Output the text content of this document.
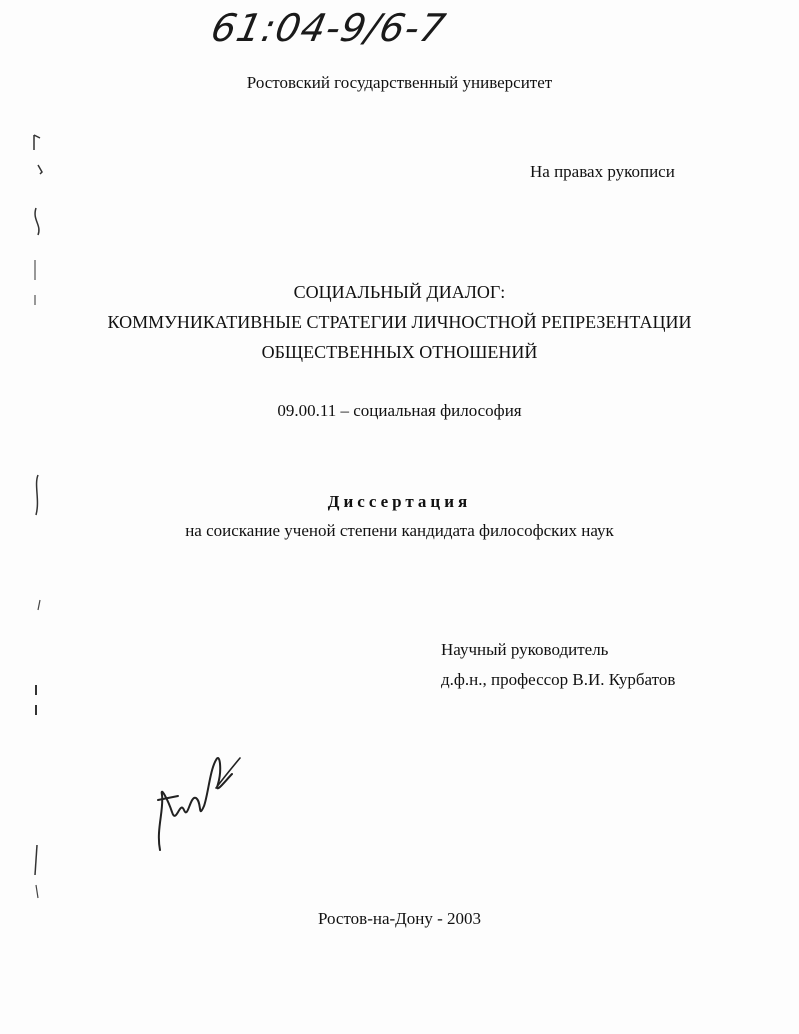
61:04-9/6-7
Ростовский государственный университет
На правах рукописи
СОЦИАЛЬНЫЙ ДИАЛОГ:
КОММУНИКАТИВНЫЕ СТРАТЕГИИ ЛИЧНОСТНОЙ РЕПРЕЗЕНТАЦИИ
ОБЩЕСТВЕННЫХ ОТНОШЕНИЙ
09.00.11 – социальная философия
Диссертация
на соискание ученой степени кандидата философских наук
Научный руководитель
д.ф.н., профессор В.И. Курбатов
Ростов-на-Дону - 2003
